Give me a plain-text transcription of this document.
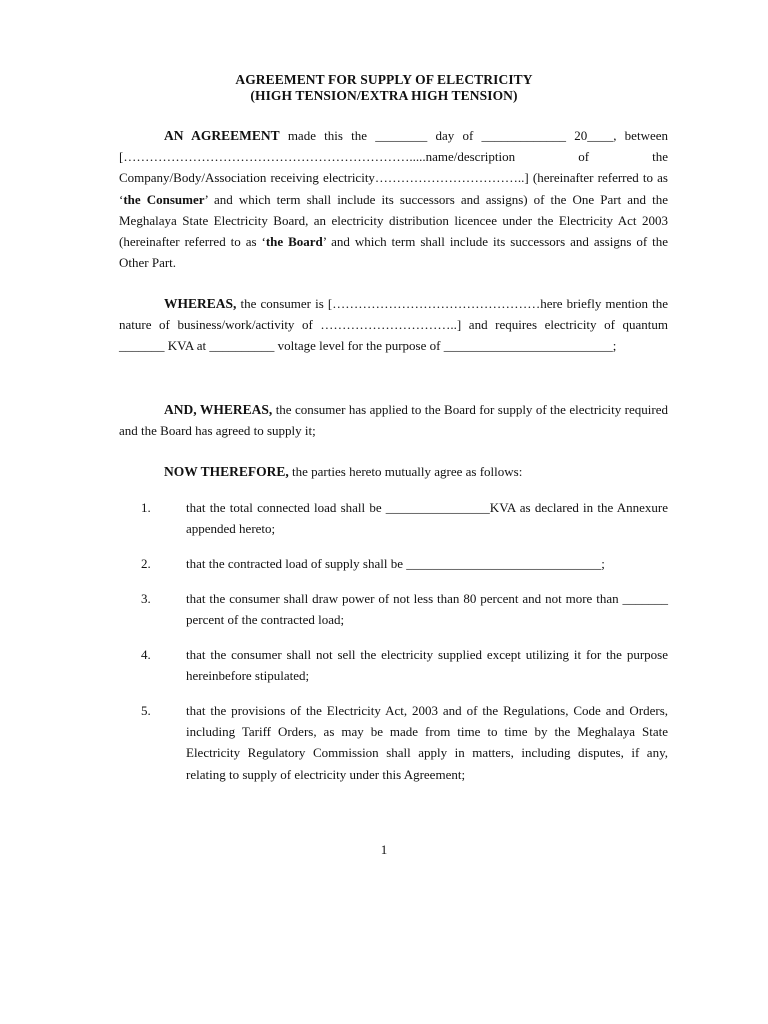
AGREEMENT FOR SUPPLY OF ELECTRICITY
(HIGH TENSION/EXTRA HIGH TENSION)
AN AGREEMENT made this the ________ day of _____________ 20____, between [………………………………………………………….....name/description of the Company/Body/Association receiving electricity……………………………..] (hereinafter referred to as ‘the Consumer’ and which term shall include its successors and assigns) of the One Part and the Meghalaya State Electricity Board, an electricity distribution licencee under the Electricity Act 2003 (hereinafter referred to as ‘the Board’ and which term shall include its successors and assigns of the Other Part.
WHEREAS, the consumer is […………………………………………here briefly mention the nature of business/work/activity of …………………………..] and requires electricity of quantum _______ KVA at __________ voltage level for the purpose of __________________________;
AND, WHEREAS, the consumer has applied to the Board for supply of the electricity required and the Board has agreed to supply it;
NOW THEREFORE, the parties hereto mutually agree as follows:
1.	that the total connected load shall be ________________KVA as declared in the Annexure appended hereto;
2.	that the contracted load of supply shall be ______________________________;
3.	that the consumer shall draw power of not less than 80 percent and not more than _______ percent of the contracted load;
4.	that the consumer shall not sell the electricity supplied except utilizing it for the purpose hereinbefore stipulated;
5.	that the provisions of the Electricity Act, 2003 and of the Regulations, Code and Orders, including Tariff Orders, as may be made from time to time by the Meghalaya State Electricity Regulatory Commission shall apply in matters, including disputes, if any, relating to supply of electricity under this Agreement;
1
